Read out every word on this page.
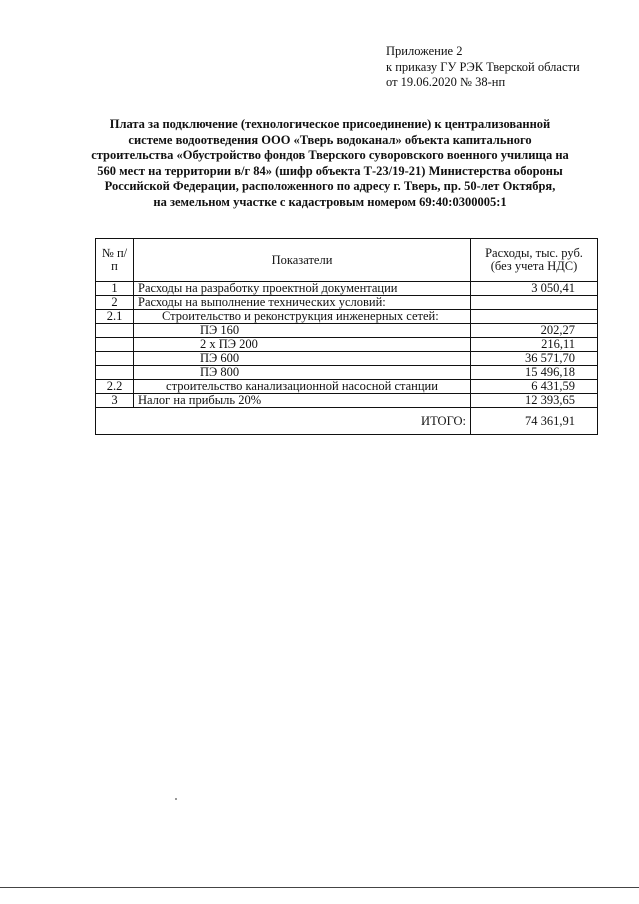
Приложение 2
к приказу ГУ РЭК Тверской области
от 19.06.2020 № 38-нп
Плата за подключение (технологическое присоединение) к централизованной
системе водоотведения ООО «Тверь водоканал» объекта капитального
строительства «Обустройство фондов Тверского суворовского военного училища на
560 мест на территории в/г 84» (шифр объекта Т-23/19-21) Министерства обороны
Российской Федерации, расположенного по адресу г. Тверь, пр. 50-лет Октября,
на земельном участке с кадастровым номером 69:40:0300005:1
№ п/п	Показатели	Расходы, тыс. руб. (без учета НДС)
1	Расходы на разработку проектной документации	3 050,41
2	Расходы на выполнение технических условий:	
2.1	Строительство и реконструкция инженерных сетей:	
	ПЭ 160	202,27
	2 х ПЭ 200	216,11
	ПЭ 600	36 571,70
	ПЭ 800	15 496,18
2.2	строительство канализационной насосной станции	6 431,59
3	Налог на прибыль 20%	12 393,65
	ИТОГО:	74 361,91
